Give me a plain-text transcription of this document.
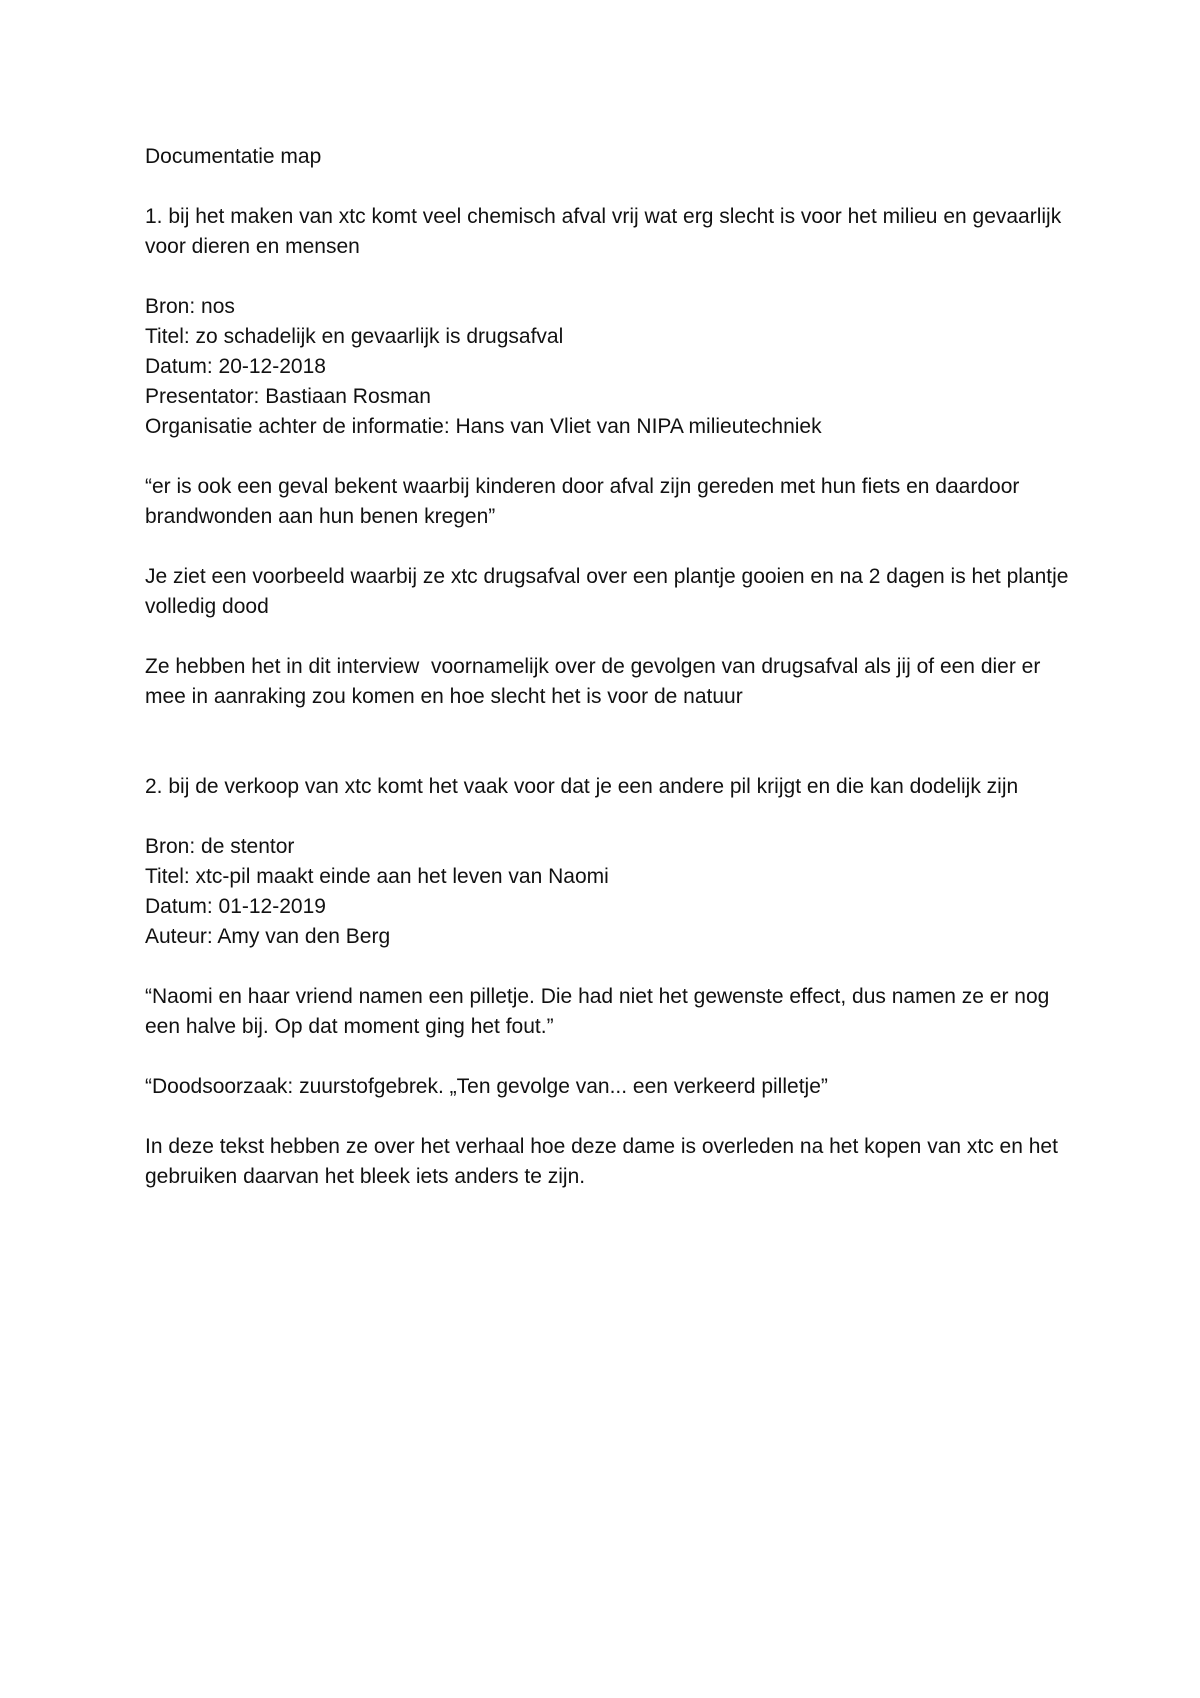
Documentatie map

1. bij het maken van xtc komt veel chemisch afval vrij wat erg slecht is voor het milieu en gevaarlijk voor dieren en mensen

Bron: nos
Titel: zo schadelijk en gevaarlijk is drugsafval
Datum: 20-12-2018
Presentator: Bastiaan Rosman
Organisatie achter de informatie: Hans van Vliet van NIPA milieutechniek

“er is ook een geval bekent waarbij kinderen door afval zijn gereden met hun fiets en daardoor brandwonden aan hun benen kregen”

Je ziet een voorbeeld waarbij ze xtc drugsafval over een plantje gooien en na 2 dagen is het plantje volledig dood

Ze hebben het in dit interview  voornamelijk over de gevolgen van drugsafval als jij of een dier er mee in aanraking zou komen en hoe slecht het is voor de natuur

2. bij de verkoop van xtc komt het vaak voor dat je een andere pil krijgt en die kan dodelijk zijn

Bron: de stentor
Titel: xtc-pil maakt einde aan het leven van Naomi
Datum: 01-12-2019
Auteur: Amy van den Berg

“Naomi en haar vriend namen een pilletje. Die had niet het gewenste effect, dus namen ze er nog een halve bij. Op dat moment ging het fout.”

“Doodsoorzaak: zuurstofgebrek. „Ten gevolge van... een verkeerd pilletje”

In deze tekst hebben ze over het verhaal hoe deze dame is overleden na het kopen van xtc en het gebruiken daarvan het bleek iets anders te zijn.
